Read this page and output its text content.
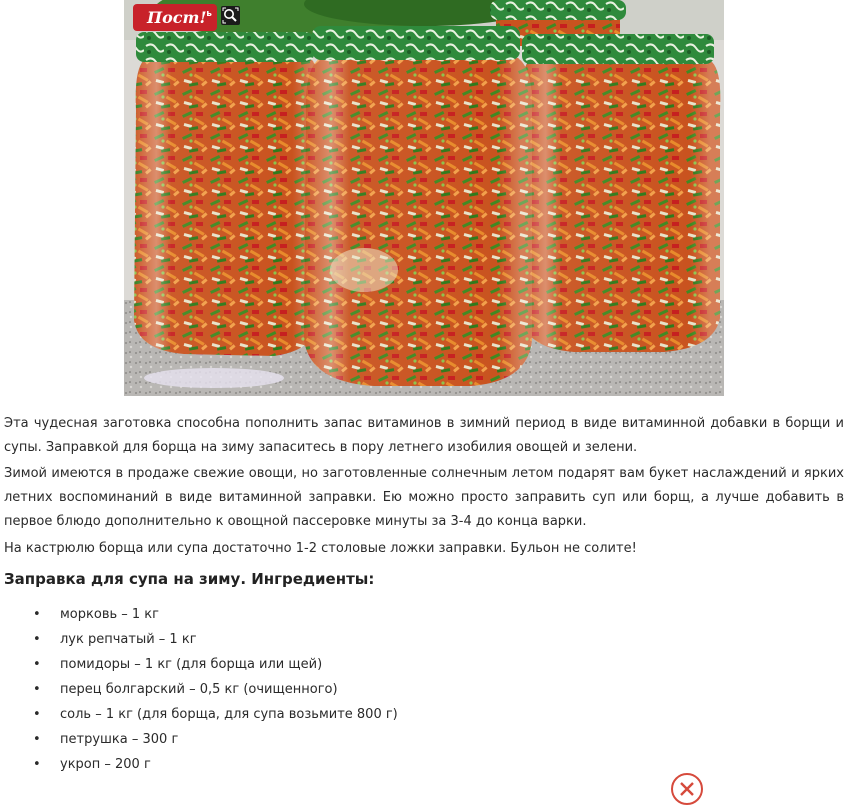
Пост! ь

Эта чудесная заготовка способна пополнить запас витаминов в зимний период в виде витаминной добавки в борщи и супы. Заправкой для борща на зиму запаситесь в пору летнего изобилия овощей и зелени.

Зимой имеются в продаже свежие овощи, но заготовленные солнечным летом подарят вам букет наслаждений и ярких летних воспоминаний в виде витаминной заправки. Ею можно просто заправить суп или борщ, а лучше добавить в первое блюдо дополнительно к овощной пассеровке минуты за 3-4 до конца варки.

На кастрюлю борща или супа достаточно 1-2 столовые ложки заправки. Бульон не солите!

Заправка для супа на зиму. Ингредиенты:
• морковь – 1 кг
• лук репчатый – 1 кг
• помидоры – 1 кг (для борща или щей)
• перец болгарский – 0,5 кг (очищенного)
• соль – 1 кг (для борща, для супа возьмите 800 г)
• петрушка – 300 г
• укроп – 200 г
